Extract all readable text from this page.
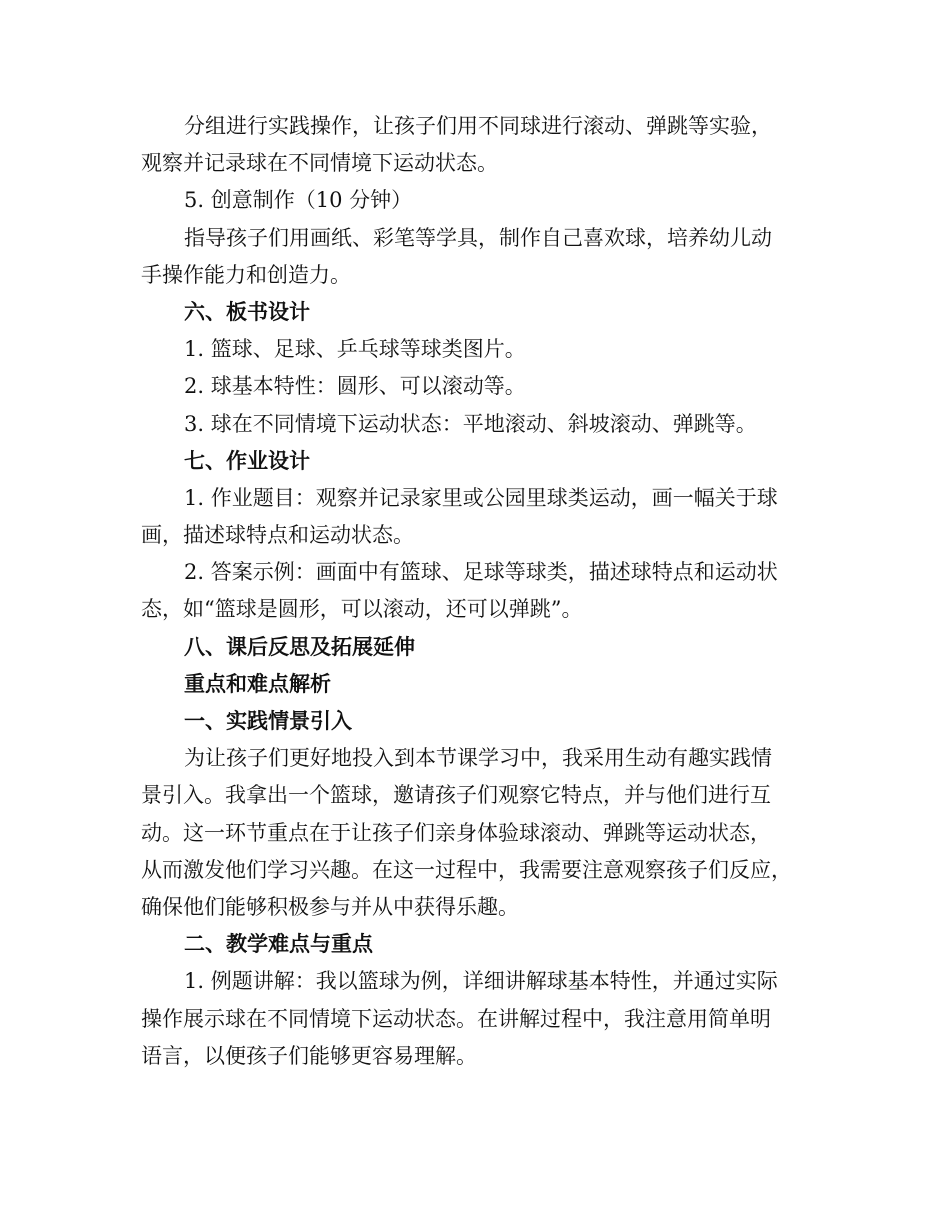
分组进行实践操作，让孩子们用不同球进行滚动、弹跳等实验，
观察并记录球在不同情境下运动状态。
5. 创意制作（10 分钟）
指导孩子们用画纸、彩笔等学具，制作自己喜欢球，培养幼儿动
手操作能力和创造力。
六、板书设计
1. 篮球、足球、乒乓球等球类图片。
2. 球基本特性：圆形、可以滚动等。
3. 球在不同情境下运动状态：平地滚动、斜坡滚动、弹跳等。
七、作业设计
1. 作业题目：观察并记录家里或公园里球类运动，画一幅关于球
画，描述球特点和运动状态。
2. 答案示例：画面中有篮球、足球等球类，描述球特点和运动状
态，如“篮球是圆形，可以滚动，还可以弹跳”。
八、课后反思及拓展延伸
重点和难点解析
一、实践情景引入
为让孩子们更好地投入到本节课学习中，我采用生动有趣实践情
景引入。我拿出一个篮球，邀请孩子们观察它特点，并与他们进行互
动。这一环节重点在于让孩子们亲身体验球滚动、弹跳等运动状态，
从而激发他们学习兴趣。在这一过程中，我需要注意观察孩子们反应，
确保他们能够积极参与并从中获得乐趣。
二、教学难点与重点
1. 例题讲解：我以篮球为例，详细讲解球基本特性，并通过实际
操作展示球在不同情境下运动状态。在讲解过程中，我注意用简单明
语言，以便孩子们能够更容易理解。
